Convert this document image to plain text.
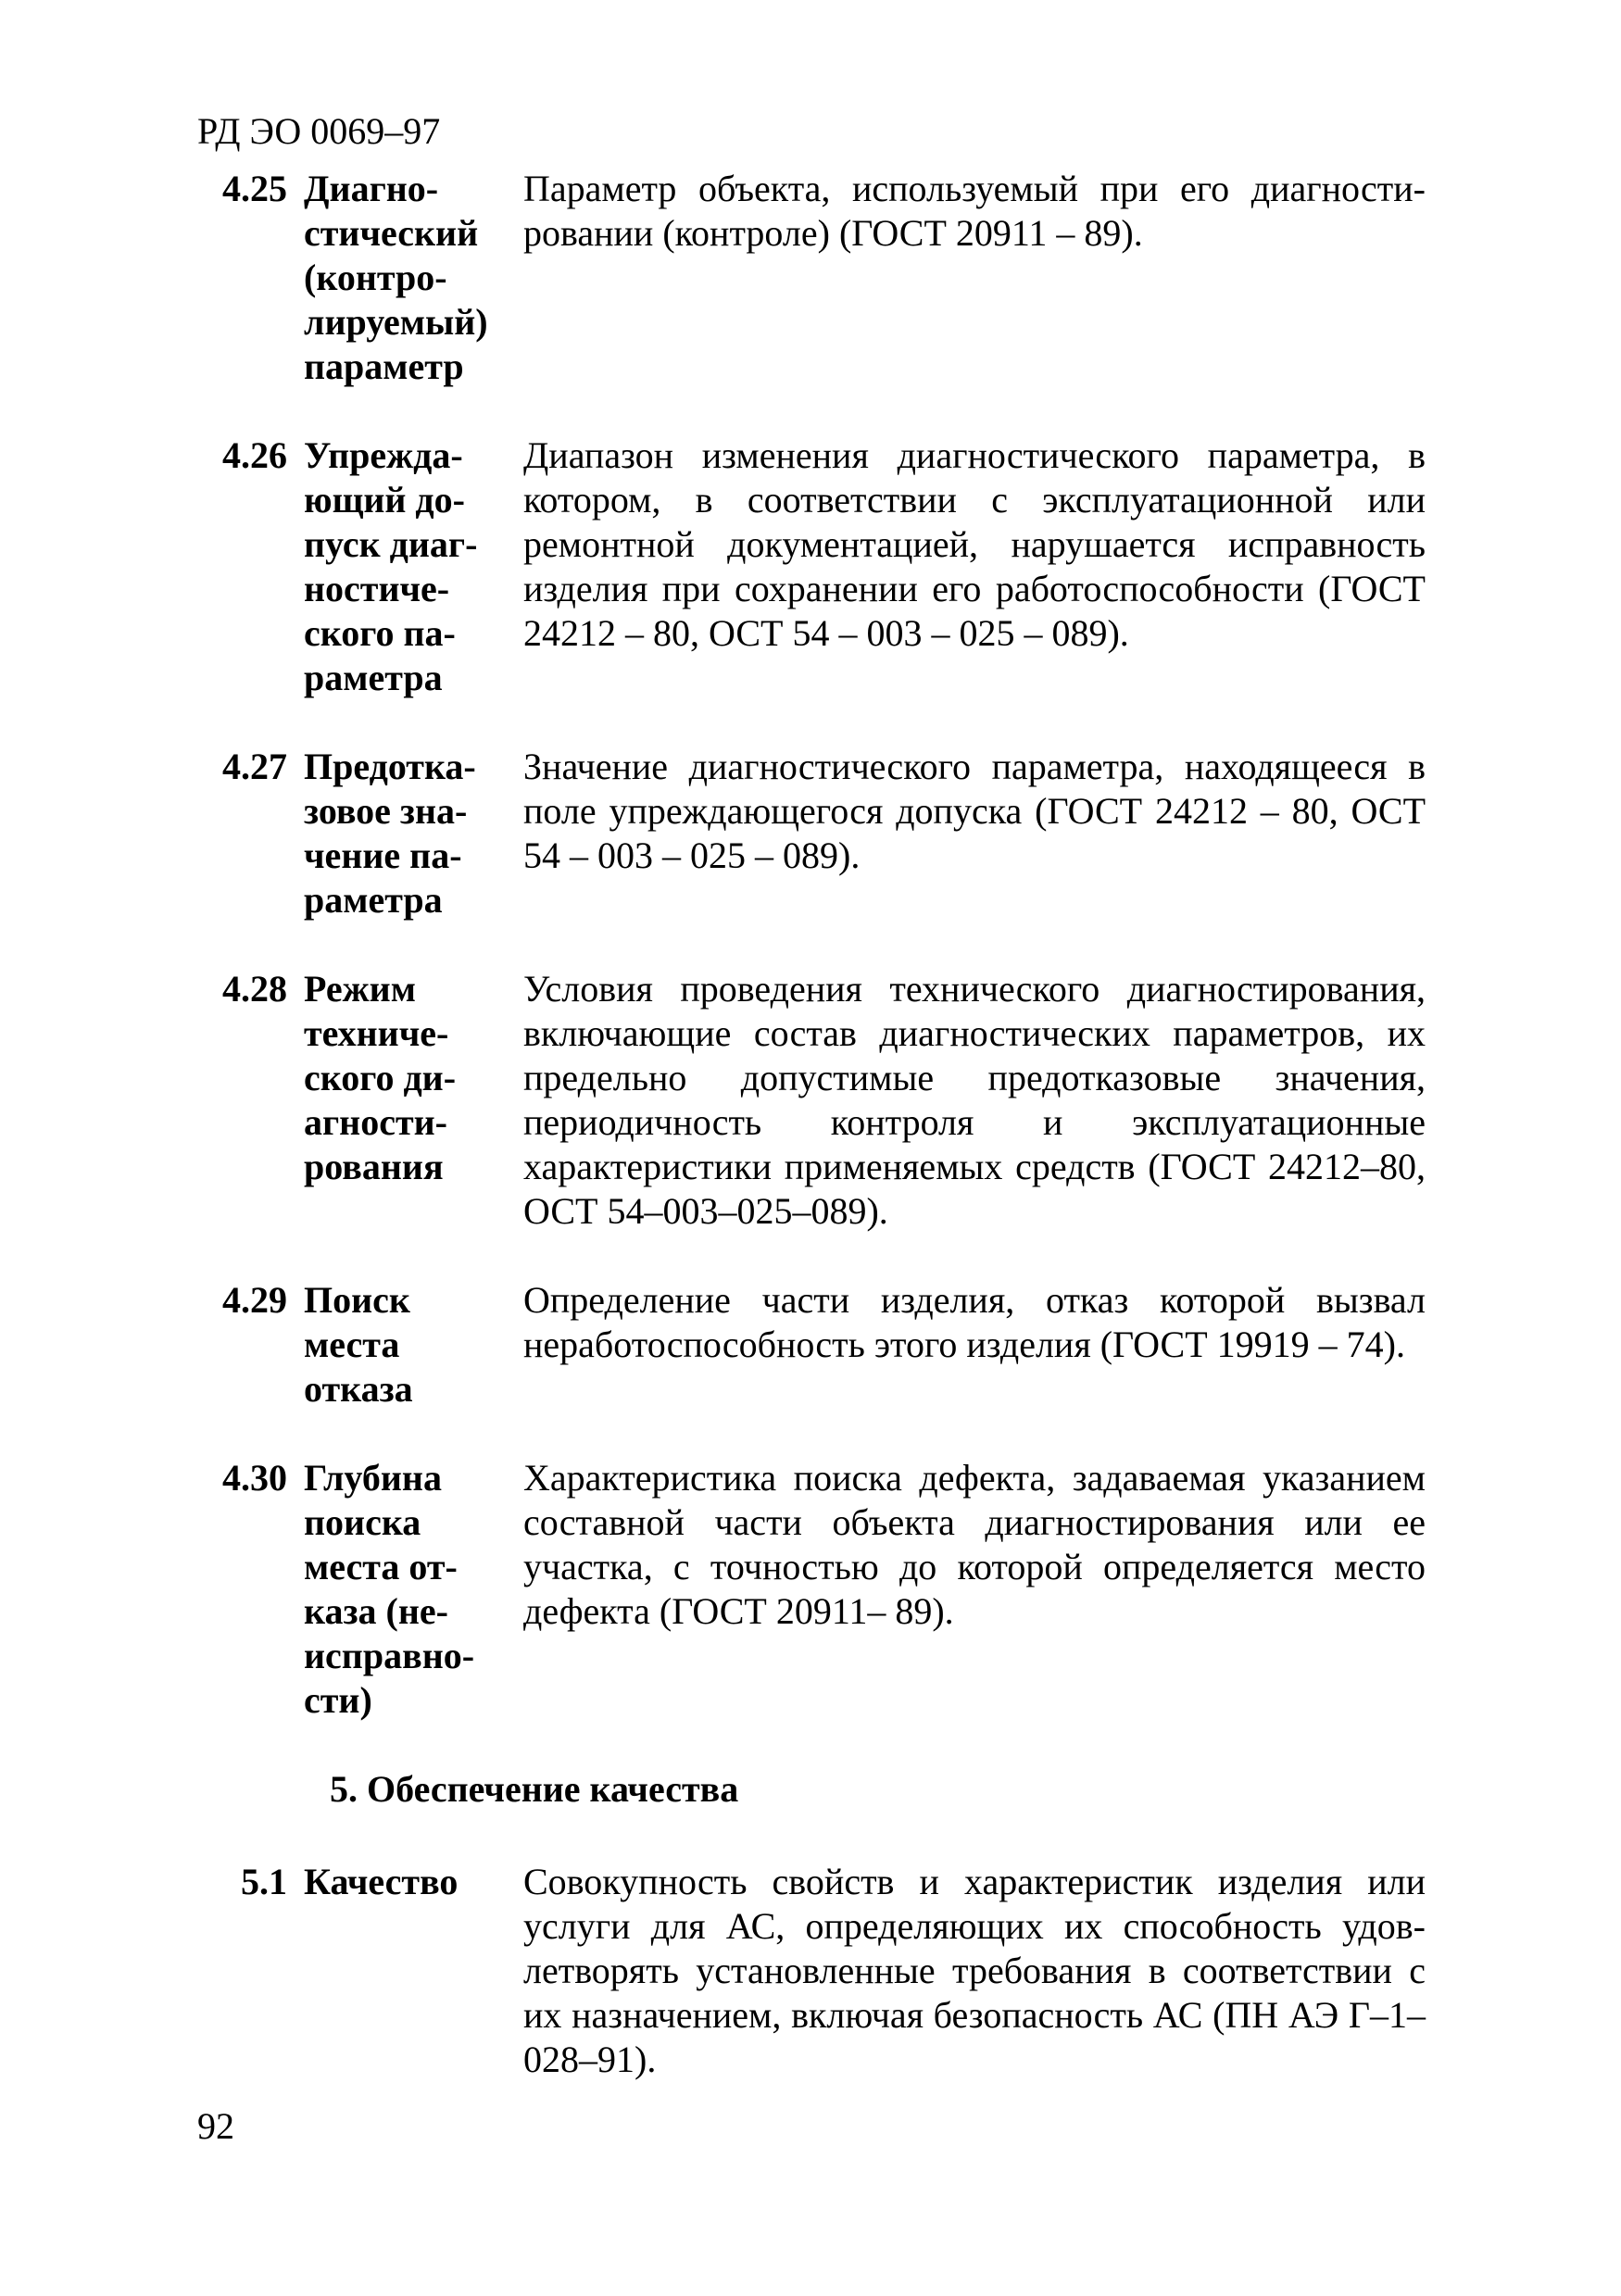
РД ЭО 0069–97
4.25 Диагно-
стический
(контро-
лируемый)
параметр
Параметр объекта, используемый при его диагностировании (контроле) (ГОСТ 20911 – 89).
4.26 Упрежда-
ющий до-
пуск диаг-
ностиче-
ского па-
раметра
Диапазон изменения диагностического параметра, в котором, в соответствии с эксплуатационной или ремонтной документацией, нарушается исправность изделия при сохранении его работоспособности (ГОСТ 24212 – 80, ОСТ 54 – 003 – 025 – 089).
4.27 Предотка-
зовое зна-
чение па-
раметра
Значение диагностического параметра, находящееся в поле упреждающегося допуска (ГОСТ 24212 – 80, ОСТ 54 – 003 – 025 – 089).
4.28 Режим
техниче-
ского ди-
агности-
рования
Условия проведения технического диагностирования, включающие состав диагностических параметров, их предельно допустимые предотказовые значения, периодичность контроля и эксплуатационные характеристики применяемых средств (ГОСТ 24212–80, ОСТ 54–003–025–089).
4.29 Поиск
места
отказа
Определение части изделия, отказ которой вызвал неработоспособность этого изделия (ГОСТ 19919 – 74).
4.30 Глубина
поиска
места от-
каза (не-
исправно-
сти)
Характеристика поиска дефекта, задаваемая указанием составной части объекта диагностирования или ее участка, с точностью до которой определяется место дефекта (ГОСТ 20911– 89).
5. Обеспечение качества
5.1 Качество	Совокупность свойств и характеристик изделия или услуги для АС, определяющих их способность удовлетворять установленные требования в соответствии с их назначением, включая безопасность АС (ПН АЭ Г–1–028–91).
92
